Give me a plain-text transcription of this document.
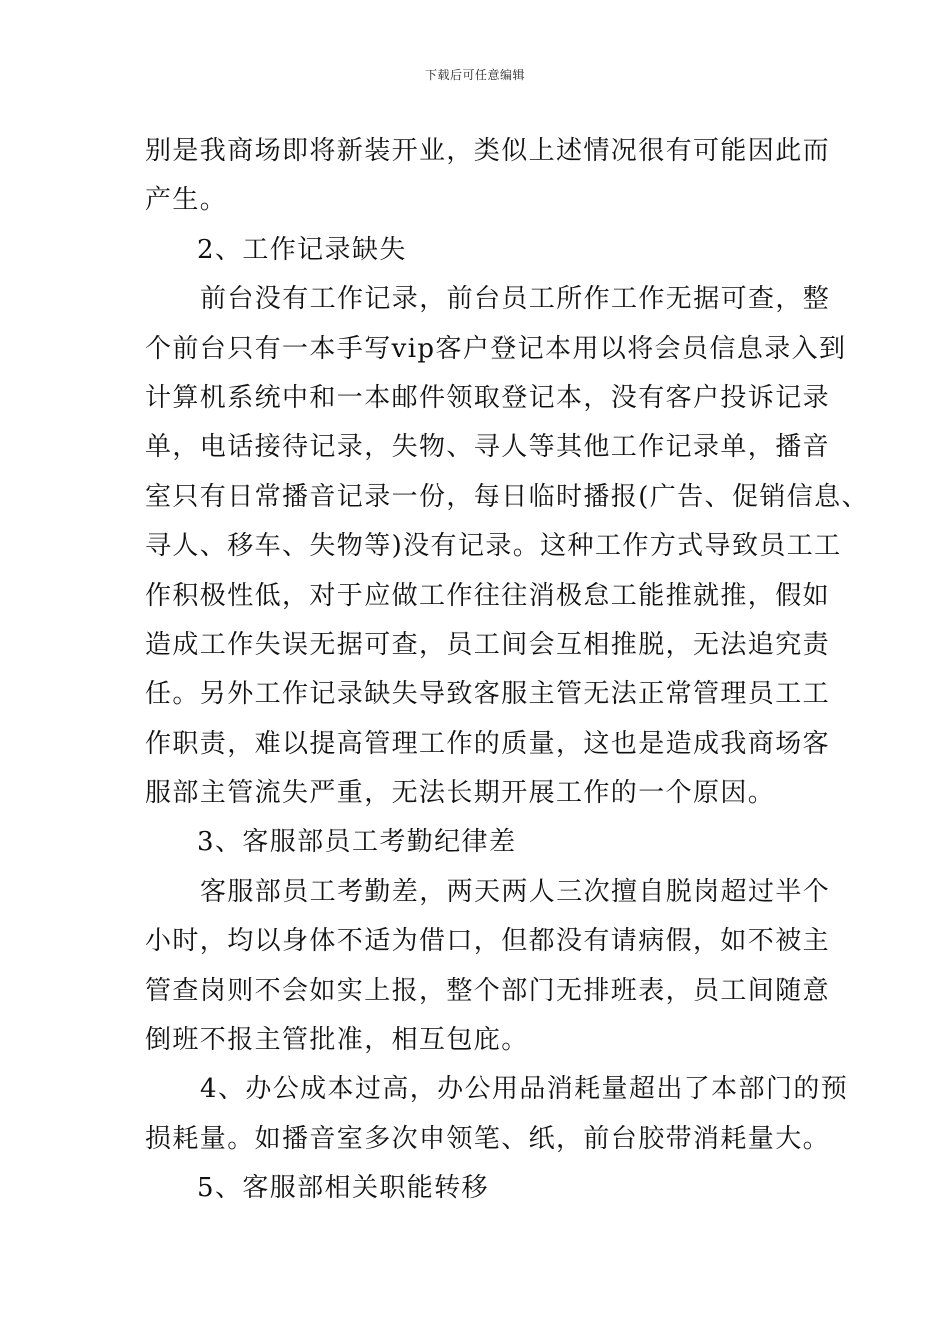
下载后可任意编辑
别是我商场即将新装开业，类似上述情况很有可能因此而
产生。
2、工作记录缺失
前台没有工作记录，前台员工所作工作无据可查，整
个前台只有一本手写vip客户登记本用以将会员信息录入到
计算机系统中和一本邮件领取登记本，没有客户投诉记录
单，电话接待记录，失物、寻人等其他工作记录单，播音
室只有日常播音记录一份，每日临时播报(广告、促销信息、
寻人、移车、失物等)没有记录。这种工作方式导致员工工
作积极性低，对于应做工作往往消极怠工能推就推，假如
造成工作失误无据可查，员工间会互相推脱，无法追究责
任。另外工作记录缺失导致客服主管无法正常管理员工工
作职责，难以提高管理工作的质量，这也是造成我商场客
服部主管流失严重，无法长期开展工作的一个原因。
3、客服部员工考勤纪律差
客服部员工考勤差，两天两人三次擅自脱岗超过半个
小时，均以身体不适为借口，但都没有请病假，如不被主
管查岗则不会如实上报，整个部门无排班表，员工间随意
倒班不报主管批准，相互包庇。
4、办公成本过高，办公用品消耗量超出了本部门的预
损耗量。如播音室多次申领笔、纸，前台胶带消耗量大。
5、客服部相关职能转移
